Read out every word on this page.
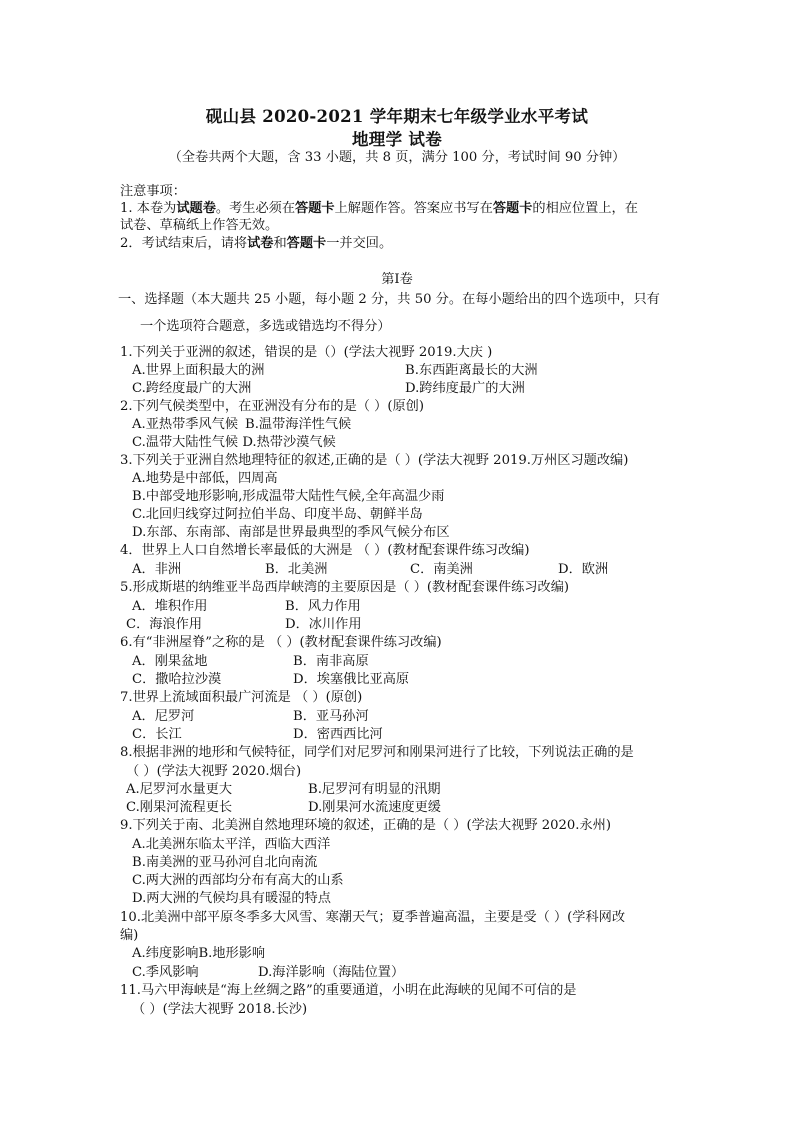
砚山县 2020-2021 学年期末七年级学业水平考试
地理学 试卷
（全卷共两个大题，含 33 小题，共 8 页，满分 100 分，考试时间 90 分钟）
注意事项：
1. 本卷为试题卷。考生必须在答题卡上解题作答。答案应书写在答题卡的相应位置上，在
试卷、草稿纸上作答无效。
2．考试结束后，请将试卷和答题卡一并交回。
第Ⅰ卷
一、选择题（本大题共 25 小题，每小题 2 分，共 50 分。在每小题给出的四个选项中，只有
一个选项符合题意，多选或错选均不得分）
1.下列关于亚洲的叙述，错误的是（）(学法大视野 2019.大庆 )
A.世界上面积最大的洲	B.东西距离最长的大洲
C.跨经度最广的大洲	D.跨纬度最广的大洲
2.下列气候类型中，在亚洲没有分布的是（ ）(原创)
A.亚热带季风气候 B.温带海洋性气候
C.温带大陆性气候 D.热带沙漠气候
3.下列关于亚洲自然地理特征的叙述,正确的是（ ）(学法大视野 2019.万州区习题改编)
A.地势是中部低，四周高
B.中部受地形影响,形成温带大陆性气候,全年高温少雨
C.北回归线穿过阿拉伯半岛、印度半岛、朝鲜半岛
D.东部、东南部、南部是世界最典型的季风气候分布区
4．世界上人口自然增长率最低的大洲是 （ ）(教材配套课件练习改编)
A．非洲	B．北美洲	C．南美洲	D．欧洲
5.形成斯堪的纳维亚半岛西岸峡湾的主要原因是（ ）(教材配套课件练习改编)
A．堆积作用	B．风力作用
C．海浪作用	D．冰川作用
6.有“非洲屋脊”之称的是 （ ）(教材配套课件练习改编)
A．刚果盆地	B．南非高原
C．撒哈拉沙漠	D．埃塞俄比亚高原
7.世界上流域面积最广河流是 （ ）(原创)
A．尼罗河	B．亚马孙河
C．长江	D．密西西比河
8.根据非洲的地形和气候特征，同学们对尼罗河和刚果河进行了比较，下列说法正确的是
（ ）(学法大视野 2020.烟台)
A.尼罗河水量更大	B.尼罗河有明显的汛期
C.刚果河流程更长	D.刚果河水流速度更缓
9.下列关于南、北美洲自然地理环境的叙述，正确的是（ ）(学法大视野 2020.永州)
A.北美洲东临太平洋，西临大西洋
B.南美洲的亚马孙河自北向南流
C.两大洲的西部均分布有高大的山系
D.两大洲的气候均具有暖湿的特点
10.北美洲中部平原冬季多大风雪、寒潮天气；夏季普遍高温，主要是受（ ）(学科网改
编)
A.纬度影响B.地形影响
C.季风影响	D.海洋影响（海陆位置）
11.马六甲海峡是“海上丝绸之路”的重要通道，小明在此海峡的见闻不可信的是
（ ）(学法大视野 2018.长沙)
